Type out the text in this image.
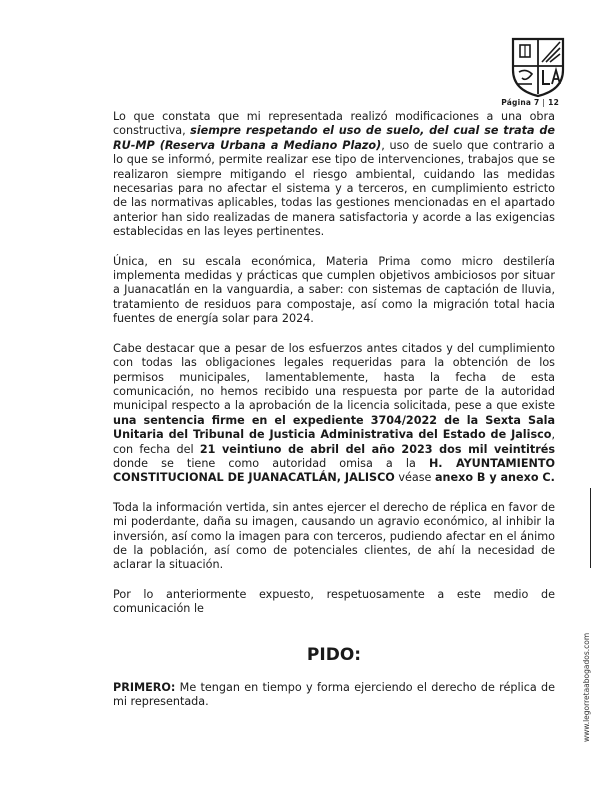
Página 7 | 12

Lo que constata que mi representada realizó modificaciones a una obra constructiva, siempre respetando el uso de suelo, del cual se trata de RU-MP (Reserva Urbana a Mediano Plazo), uso de suelo que contrario a lo que se informó, permite realizar ese tipo de intervenciones, trabajos que se realizaron siempre mitigando el riesgo ambiental, cuidando las medidas necesarias para no afectar el sistema y a terceros, en cumplimiento estricto de las normativas aplicables, todas las gestiones mencionadas en el apartado anterior han sido realizadas de manera satisfactoria y acorde a las exigencias establecidas en las leyes pertinentes.

Única, en su escala económica, Materia Prima como micro destilería implementa medidas y prácticas que cumplen objetivos ambiciosos por situar a Juanacatlán en la vanguardia, a saber: con sistemas de captación de lluvia, tratamiento de residuos para compostaje, así como la migración total hacia fuentes de energía solar para 2024.

Cabe destacar que a pesar de los esfuerzos antes citados y del cumplimiento con todas las obligaciones legales requeridas para la obtención de los permisos municipales, lamentablemente, hasta la fecha de esta comunicación, no hemos recibido una respuesta por parte de la autoridad municipal respecto a la aprobación de la licencia solicitada, pese a que existe una sentencia firme en el expediente 3704/2022 de la Sexta Sala Unitaria del Tribunal de Justicia Administrativa del Estado de Jalisco, con fecha del 21 veintiuno de abril del año 2023 dos mil veintitrés donde se tiene como autoridad omisa a la H. AYUNTAMIENTO CONSTITUCIONAL DE JUANACATLÁN, JALISCO véase anexo B y anexo C.

Toda la información vertida, sin antes ejercer el derecho de réplica en favor de mi poderdante, daña su imagen, causando un agravio económico, al inhibir la inversión, así como la imagen para con terceros, pudiendo afectar en el ánimo de la población, así como de potenciales clientes, de ahí la necesidad de aclarar la situación.

Por lo anteriormente expuesto, respetuosamente a este medio de comunicación le

PIDO:

PRIMERO: Me tengan en tiempo y forma ejerciendo el derecho de réplica de mi representada.	www.legorretaabogados.com
